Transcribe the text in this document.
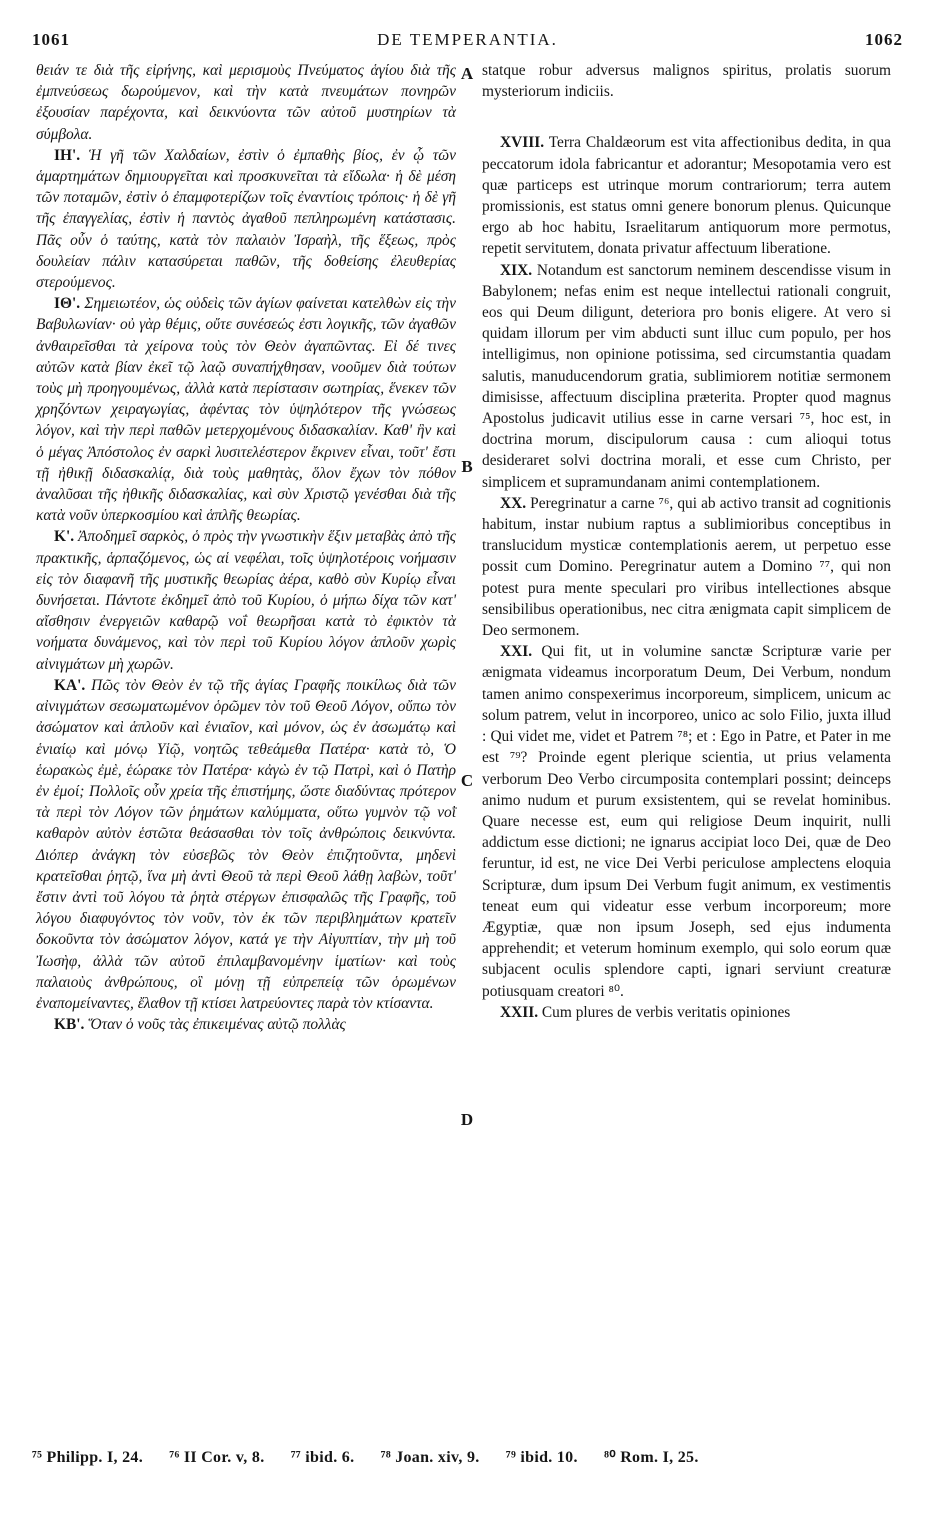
1061	DE TEMPERANTIA.	1062

θειάν τε διὰ τῆς εἰρήνης, καὶ μερισμοὺς Πνεύματος ἁγίου διὰ τῆς ἐμπνεύσεως δωρούμενον, καὶ τὴν κατὰ πνευμάτων πονηρῶν ἐξουσίαν παρέχοντα, καὶ δεικνύοντα τῶν αὐτοῦ μυστηρίων τὰ σύμβολα.

ΙΗ'. Ἡ γῆ τῶν Χαλδαίων, ἐστὶν ὁ ἐμπαθὴς βίος, ἐν ᾧ τῶν ἁμαρτημάτων δημιουργεῖται καὶ προσκυνεῖται τὰ εἴδωλα· ἡ δὲ μέση τῶν ποταμῶν, ἐστὶν ὁ ἐπαμφοτερίζων τοῖς ἐναντίοις τρόποις· ἡ δὲ γῆ τῆς ἐπαγγελίας, ἐστὶν ἡ παντὸς ἀγαθοῦ πεπληρωμένη κατάστασις. Πᾶς οὖν ὁ ταύτης, κατὰ τὸν παλαιὸν Ἰσραὴλ, τῆς ἕξεως, πρὸς δουλείαν πάλιν κατασύρεται παθῶν, τῆς δοθείσης ἐλευθερίας στερούμενος.

ΙΘ'. Σημειωτέον, ὡς οὐδεὶς τῶν ἁγίων φαίνεται κατελθὼν εἰς τὴν Βαβυλωνίαν· οὐ γὰρ θέμις, οὔτε συνέσεώς ἐστι λογικῆς, τῶν ἀγαθῶν ἀνθαιρεῖσθαι τὰ χείρονα τοὺς τὸν Θεὸν ἀγαπῶντας. Εἰ δέ τινες αὐτῶν κατὰ βίαν ἐκεῖ τῷ λαῷ συναπήχθησαν, νοοῦμεν διὰ τούτων τοὺς μὴ προηγουμένως, ἀλλὰ κατὰ περίστασιν σωτηρίας, ἕνεκεν τῶν χρηζόντων χειραγωγίας, ἀφέντας τὸν ὑψηλότερον τῆς γνώσεως λόγον, καὶ τὴν περὶ παθῶν μετερχομένους διδασκαλίαν. Καθ' ἣν καὶ ὁ μέγας Ἀπόστολος ἐν σαρκὶ λυσιτελέστερον ἔκρινεν εἶναι, τοῦτ' ἔστι τῇ ἠθικῇ διδασκαλίᾳ, διὰ τοὺς μαθητὰς, ὅλον ἔχων τὸν πόθον ἀναλῦσαι τῆς ἠθικῆς διδασκαλίας, καὶ σὺν Χριστῷ γενέσθαι διὰ τῆς κατὰ νοῦν ὑπερκοσμίου καὶ ἁπλῆς θεωρίας.

Κ'. Ἀποδημεῖ σαρκὸς, ὁ πρὸς τὴν γνωστικὴν ἕξιν μεταβὰς ἀπὸ τῆς πρακτικῆς, ἁρπαζόμενος, ὡς αἱ νεφέλαι, τοῖς ὑψηλοτέροις νοήμασιν εἰς τὸν διαφανῆ τῆς μυστικῆς θεωρίας ἀέρα, καθὸ σὺν Κυρίῳ εἶναι δυνήσεται. Πάντοτε ἐκδημεῖ ἀπὸ τοῦ Κυρίου, ὁ μήπω δίχα τῶν κατ' αἴσθησιν ἐνεργειῶν καθαρῷ νοΐ θεωρῆσαι κατὰ τὸ ἐφικτὸν τὰ νοήματα δυνάμενος, καὶ τὸν περὶ τοῦ Κυρίου λόγον ἁπλοῦν χωρὶς αἰνιγμάτων μὴ χωρῶν.

ΚΑ'. Πῶς τὸν Θεὸν ἐν τῷ τῆς ἁγίας Γραφῆς ποικίλως διὰ τῶν αἰνιγμάτων σεσωματωμένον ὁρῶμεν τὸν τοῦ Θεοῦ Λόγον, οὔπω τὸν ἀσώματον καὶ ἁπλοῦν καὶ ἑνιαῖον, καὶ μόνον, ὡς ἐν ἀσωμάτῳ καὶ ἑνιαίῳ καὶ μόνῳ Υἱῷ, νοητῶς τεθεάμεθα Πατέρα· κατὰ τὸ, Ὁ ἑωρακὼς ἐμὲ, ἑώρακε τὸν Πατέρα· κἀγὼ ἐν τῷ Πατρὶ, καὶ ὁ Πατὴρ ἐν ἐμοί; Πολλοῖς οὖν χρεία τῆς ἐπιστήμης, ὥστε διαδύντας πρότερον τὰ περὶ τὸν Λόγον τῶν ῥημάτων καλύμματα, οὕτω γυμνὸν τῷ νοῒ καθαρὸν αὐτὸν ἑστῶτα θεάσασθαι τὸν τοῖς ἀνθρώποις δεικνύντα. Διόπερ ἀνάγκη τὸν εὐσεβῶς τὸν Θεὸν ἐπιζητοῦντα, μηδενὶ κρατεῖσθαι ῥητῷ, ἵνα μὴ ἀντὶ Θεοῦ τὰ περὶ Θεοῦ λάθῃ λαβὼν, τοῦτ' ἔστιν ἀντὶ τοῦ λόγου τὰ ῥητὰ στέργων ἐπισφαλῶς τῆς Γραφῆς, τοῦ λόγου διαφυγόντος τὸν νοῦν, τὸν ἐκ τῶν περιβλημάτων κρατεῖν δοκοῦντα τὸν ἀσώματον λόγον, κατά γε τὴν Αἰγυπτίαν, τὴν μὴ τοῦ Ἰωσὴφ, ἀλλὰ τῶν αὐτοῦ ἐπιλαμβανομένην ἱματίων· καὶ τοὺς παλαιοὺς ἀνθρώπους, οἳ μόνῃ τῇ εὐπρεπείᾳ τῶν ὁρωμένων ἐναπομείναντες, ἔλαθον τῇ κτίσει λατρεύοντες παρὰ τὸν κτίσαντα.

ΚΒ'. Ὅταν ὁ νοῦς τὰς ἐπικειμένας αὐτῷ πολλὰς

A
B
C
D

statque robur adversus malignos spiritus, prolatis suorum mysteriorum indiciis.

XVIII. Terra Chaldæorum est vita affectionibus dedita, in qua peccatorum idola fabricantur et adorantur; Mesopotamia vero est quæ particeps est utrinque morum contrariorum; terra autem promissionis, est status omni genere bonorum plenus. Quicunque ergo ab hoc habitu, Israelitarum antiquorum more permotus, repetit servitutem, donata privatur affectuum liberatione.

XIX. Notandum est sanctorum neminem descendisse visum in Babylonem; nefas enim est neque intellectui rationali congruit, eos qui Deum diligunt, deteriora pro bonis eligere. At vero si quidam illorum per vim abducti sunt illuc cum populo, per hos intelligimus, non opinione potissima, sed circumstantia quadam salutis, manuducendorum gratia, sublimiorem notitiæ sermonem dimisisse, affectuum disciplina præterita. Propter quod magnus Apostolus judicavit utilius esse in carne versari ⁷⁵, hoc est, in doctrina morum, discipulorum causa : cum alioqui totus desideraret solvi doctrina morali, et esse cum Christo, per simplicem et supramundanam animi contemplationem.

XX. Peregrinatur a carne ⁷⁶, qui ab activo transit ad cognitionis habitum, instar nubium raptus a sublimioribus conceptibus in translucidum mysticæ contemplationis aerem, ut perpetuo esse possit cum Domino. Peregrinatur autem a Domino ⁷⁷, qui non potest pura mente speculari pro viribus intellectiones absque sensibilibus operationibus, nec citra ænigmata capit simplicem de Deo sermonem.

XXI. Qui fit, ut in volumine sanctæ Scripturæ varie per ænigmata videamus incorporatum Deum, Dei Verbum, nondum tamen animo conspexerimus incorporeum, simplicem, unicum ac solum patrem, velut in incorporeo, unico ac solo Filio, juxta illud : Qui videt me, videt et Patrem ⁷⁸; et : Ego in Patre, et Pater in me est ⁷⁹? Proinde egent plerique scientia, ut prius velamenta verborum Deo Verbo circumposita contemplari possint; deinceps animo nudum et purum exsistentem, qui se revelat hominibus. Quare necesse est, eum qui religiose Deum inquirit, nulli addictum esse dictioni; ne ignarus accipiat loco Dei, quæ de Deo feruntur, id est, ne vice Dei Verbi periculose amplectens eloquia Scripturæ, dum ipsum Dei Verbum fugit animum, ex vestimentis teneat eum qui videatur esse verbum incorporeum; more Ægyptiæ, quæ non ipsum Joseph, sed ejus indumenta apprehendit; et veterum hominum exemplo, qui solo eorum quæ subjacent oculis splendore capti, ignari serviunt creaturæ potiusquam creatori ⁸⁰.

XXII. Cum plures de verbis veritatis opiniones

⁷⁵ Philipp. I, 24. ⁷⁶ II Cor. v, 8. ⁷⁷ ibid. 6. ⁷⁸ Joan. xiv, 9. ⁷⁹ ibid. 10. ⁸⁰ Rom. I, 25.
